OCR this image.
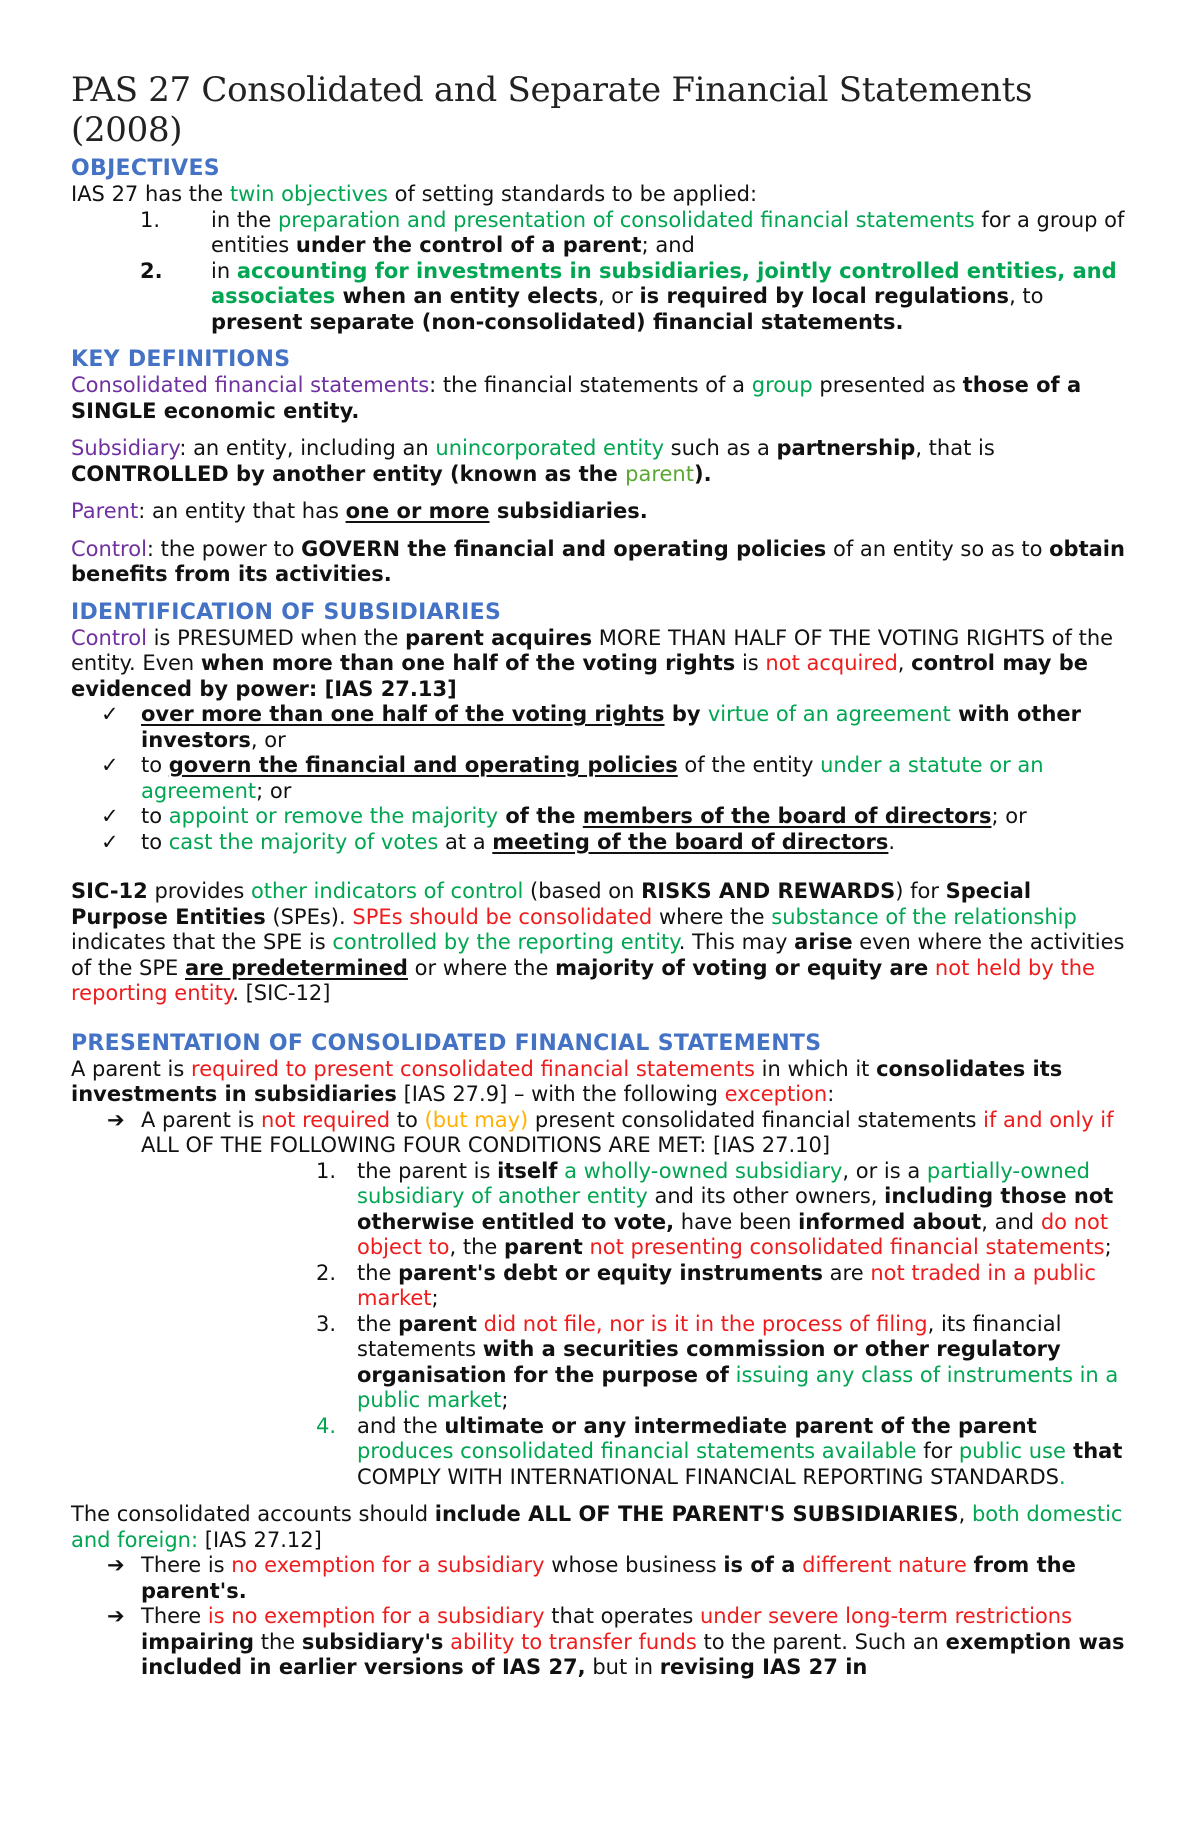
PAS 27 Consolidated and Separate Financial Statements (2008)
OBJECTIVES

IAS 27 has the twin objectives of setting standards to be applied:

1.	in the preparation and presentation of consolidated financial statements for a group of entities under the control of a parent; and
2.	in accounting for investments in subsidiaries, jointly controlled entities, and associates when an entity elects, or is required by local regulations, to present separate (non-consolidated) financial statements.
KEY DEFINITIONS

Consolidated financial statements: the financial statements of a group presented as those of a SINGLE economic entity.

Subsidiary: an entity, including an unincorporated entity such as a partnership, that is CONTROLLED by another entity (known as the parent).

Parent: an entity that has one or more subsidiaries.

Control: the power to GOVERN the financial and operating policies of an entity so as to obtain benefits from its activities.

IDENTIFICATION OF SUBSIDIARIES

Control is PRESUMED when the parent acquires MORE THAN HALF OF THE VOTING RIGHTS of the entity. Even when more than one half of the voting rights is not acquired, control may be evidenced by power: [IAS 27.13]

✓	over more than one half of the voting rights by virtue of an agreement with other investors, or
✓	to govern the financial and operating policies of the entity under a statute or an agreement; or
✓	to appoint or remove the majority of the members of the board of directors; or
✓	to cast the majority of votes at a meeting of the board of directors.

SIC-12 provides other indicators of control (based on RISKS AND REWARDS) for Special Purpose Entities (SPEs). SPEs should be consolidated where the substance of the relationship indicates that the SPE is controlled by the reporting entity. This may arise even where the activities of the SPE are predetermined or where the majority of voting or equity are not held by the reporting entity. [SIC-12]

PRESENTATION OF CONSOLIDATED FINANCIAL STATEMENTS

A parent is required to present consolidated financial statements in which it consolidates its investments in subsidiaries [IAS 27.9] – with the following exception:

➔ A parent is not required to (but may) present consolidated financial statements if and only if ALL OF THE FOLLOWING FOUR CONDITIONS ARE MET: [IAS 27.10]
1. the parent is itself a wholly-owned subsidiary, or is a partially-owned subsidiary of another entity and its other owners, including those not otherwise entitled to vote, have been informed about, and do not object to, the parent not presenting consolidated financial statements;
2. the parent's debt or equity instruments are not traded in a public market;
3. the parent did not file, nor is it in the process of filing, its financial statements with a securities commission or other regulatory organisation for the purpose of issuing any class of instruments in a public market;
4. and the ultimate or any intermediate parent of the parent produces consolidated financial statements available for public use that COMPLY WITH INTERNATIONAL FINANCIAL REPORTING STANDARDS.

The consolidated accounts should include ALL OF THE PARENT'S SUBSIDIARIES, both domestic and foreign: [IAS 27.12]

➔ There is no exemption for a subsidiary whose business is of a different nature from the parent's.
➔ There is no exemption for a subsidiary that operates under severe long-term restrictions impairing the subsidiary's ability to transfer funds to the parent. Such an exemption was included in earlier versions of IAS 27, but in revising IAS 27 in
